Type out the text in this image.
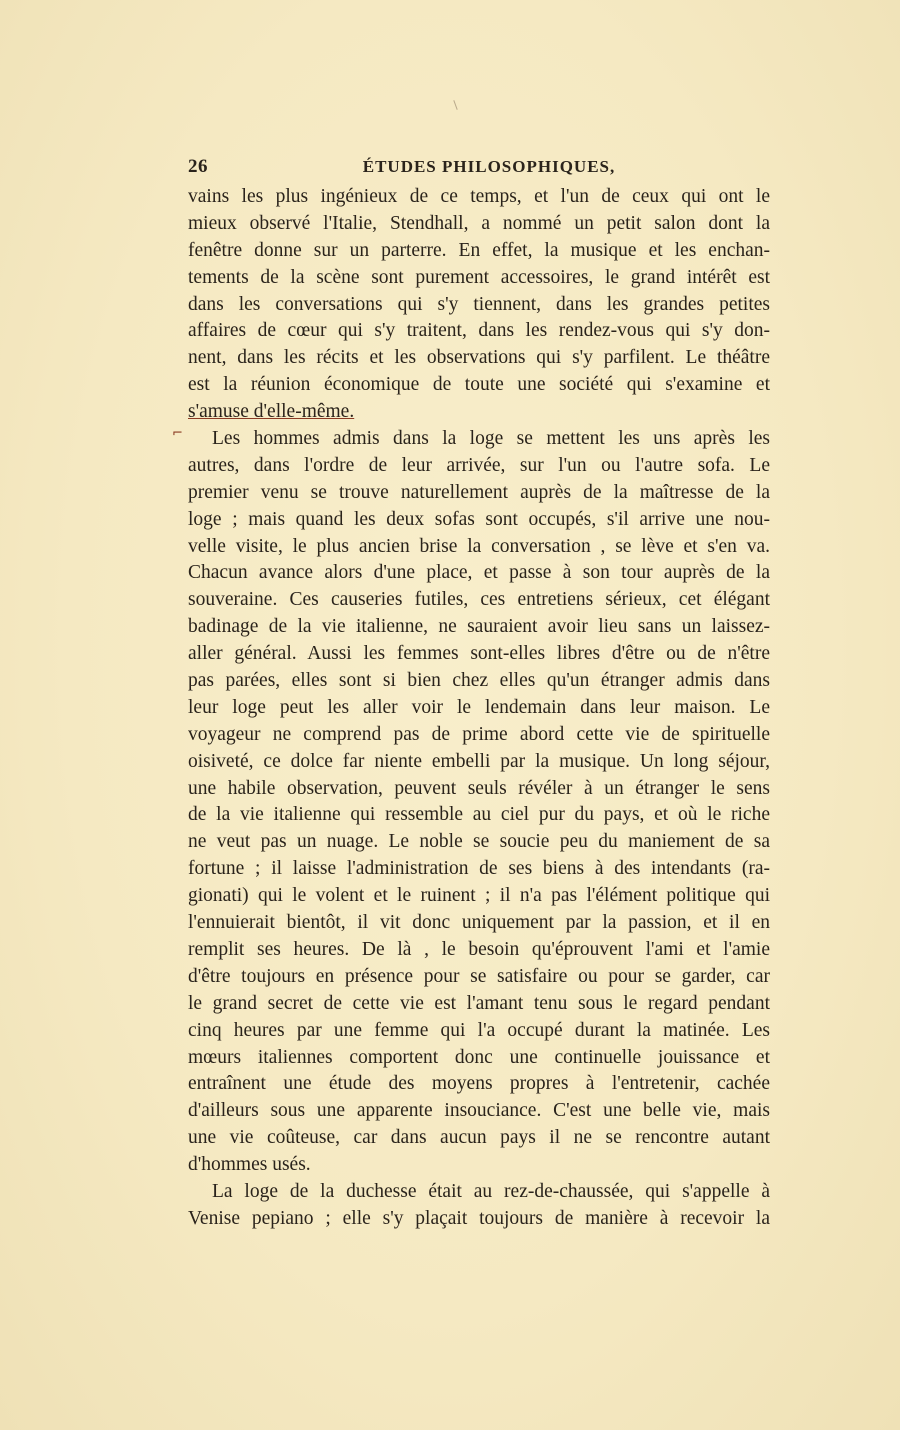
26	ÉTUDES PHILOSOPHIQUES,
⌐
vains les plus ingénieux de ce temps, et l'un de ceux qui ont le
mieux observé l'Italie, Stendhall, a nommé un petit salon dont la
fenêtre donne sur un parterre. En effet, la musique et les enchan-
tements de la scène sont purement accessoires, le grand intérêt est
dans les conversations qui s'y tiennent, dans les grandes petites
affaires de cœur qui s'y traitent, dans les rendez-vous qui s'y don-
nent, dans les récits et les observations qui s'y parfilent. Le théâtre
est la réunion économique de toute une société qui s'examine et
s'amuse d'elle-même.
Les hommes admis dans la loge se mettent les uns après les
autres, dans l'ordre de leur arrivée, sur l'un ou l'autre sofa. Le
premier venu se trouve naturellement auprès de la maîtresse de la
loge ; mais quand les deux sofas sont occupés, s'il arrive une nou-
velle visite, le plus ancien brise la conversation , se lève et s'en va.
Chacun avance alors d'une place, et passe à son tour auprès de la
souveraine. Ces causeries futiles, ces entretiens sérieux, cet élégant
badinage de la vie italienne, ne sauraient avoir lieu sans un laissez-
aller général. Aussi les femmes sont-elles libres d'être ou de n'être
pas parées, elles sont si bien chez elles qu'un étranger admis dans
leur loge peut les aller voir le lendemain dans leur maison. Le
voyageur ne comprend pas de prime abord cette vie de spirituelle
oisiveté, ce dolce far niente embelli par la musique. Un long séjour,
une habile observation, peuvent seuls révéler à un étranger le sens
de la vie italienne qui ressemble au ciel pur du pays, et où le riche
ne veut pas un nuage. Le noble se soucie peu du maniement de sa
fortune ; il laisse l'administration de ses biens à des intendants (ra-
gionati) qui le volent et le ruinent ; il n'a pas l'élément politique qui
l'ennuierait bientôt, il vit donc uniquement par la passion, et il en
remplit ses heures. De là , le besoin qu'éprouvent l'ami et l'amie
d'être toujours en présence pour se satisfaire ou pour se garder, car
le grand secret de cette vie est l'amant tenu sous le regard pendant
cinq heures par une femme qui l'a occupé durant la matinée. Les
mœurs italiennes comportent donc une continuelle jouissance et
entraînent une étude des moyens propres à l'entretenir, cachée
d'ailleurs sous une apparente insouciance. C'est une belle vie, mais
une vie coûteuse, car dans aucun pays il ne se rencontre autant
d'hommes usés.
La loge de la duchesse était au rez-de-chaussée, qui s'appelle à
Venise pepiano ; elle s'y plaçait toujours de manière à recevoir la
